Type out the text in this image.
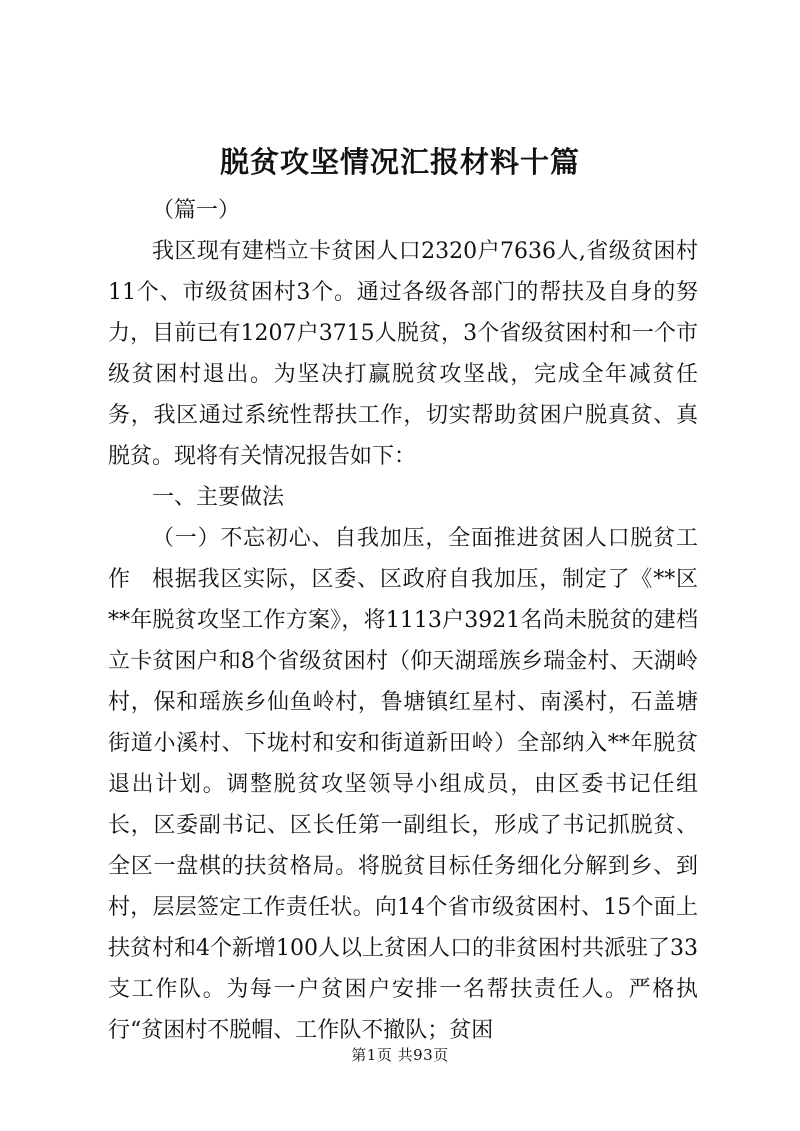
脱贫攻坚情况汇报材料十篇

（篇一）

我区现有建档立卡贫困人口2320户7636人,省级贫困村11个、市级贫困村3个。通过各级各部门的帮扶及自身的努力，目前已有1207户3715人脱贫，3个省级贫困村和一个市级贫困村退出。为坚决打赢脱贫攻坚战，完成全年减贫任务，我区通过系统性帮扶工作，切实帮助贫困户脱真贫、真脱贫。现将有关情况报告如下：

一、主要做法

（一）不忘初心、自我加压，全面推进贫困人口脱贫工作 根据我区实际，区委、区政府自我加压，制定了《**区**年脱贫攻坚工作方案》，将1113户3921名尚未脱贫的建档立卡贫困户和8个省级贫困村（仰天湖瑶族乡瑞金村、天湖岭村，保和瑶族乡仙鱼岭村，鲁塘镇红星村、南溪村，石盖塘街道小溪村、下垅村和安和街道新田岭）全部纳入**年脱贫退出计划。调整脱贫攻坚领导小组成员，由区委书记任组长，区委副书记、区长任第一副组长，形成了书记抓脱贫、全区一盘棋的扶贫格局。将脱贫目标任务细化分解到乡、到村，层层签定工作责任状。向14个省市级贫困村、15个面上扶贫村和4个新增100人以上贫困人口的非贫困村共派驻了33支工作队。为每一户贫困户安排一名帮扶责任人。严格执行“贫困村不脱帽、工作队不撤队；贫困

第1页 共93页
